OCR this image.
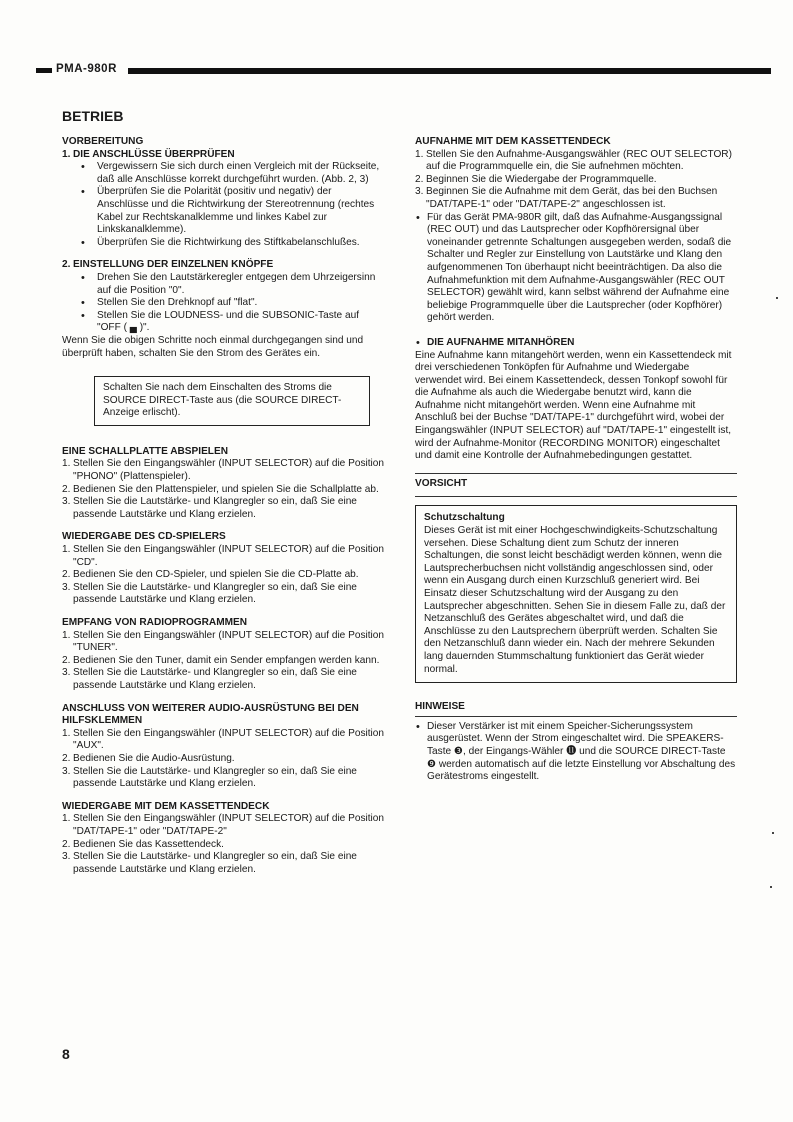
PMA-980R
BETRIEB
VORBEREITUNG
1. DIE ANSCHLÜSSE ÜBERPRÜFEN
• Vergewissern Sie sich durch einen Vergleich mit der Rückseite, daß alle Anschlüsse korrekt durchgeführt wurden. (Abb. 2, 3)
• Überprüfen Sie die Polarität (positiv und negativ) der Anschlüsse und die Richtwirkung der Stereotrennung (rechtes Kabel zur Rechtskanalklemme und linkes Kabel zur Linkskanalklemme).
• Überprüfen Sie die Richtwirkung des Stiftkabelanschlußes.
2. EINSTELLUNG DER EINZELNEN KNÖPFE
• Drehen Sie den Lautstärkeregler entgegen dem Uhrzeigersinn auf die Position "0".
• Stellen Sie den Drehknopf auf "flat".
• Stellen Sie die LOUDNESS- und die SUBSONIC-Taste auf "OFF ( ▄ )".

Wenn Sie die obigen Schritte noch einmal durchgegangen sind und überprüft haben, schalten Sie den Strom des Gerätes ein.

Schalten Sie nach dem Einschalten des Stroms die SOURCE DIRECT-Taste aus (die SOURCE DIRECT-Anzeige erlischt).
EINE SCHALLPLATTE ABSPIELEN
1. Stellen Sie den Eingangswähler (INPUT SELECTOR) auf die Position "PHONO" (Plattenspieler).
2. Bedienen Sie den Plattenspieler, und spielen Sie die Schallplatte ab.
3. Stellen Sie die Lautstärke- und Klangregler so ein, daß Sie eine passende Lautstärke und Klang erzielen.
WIEDERGABE DES CD-SPIELERS
1. Stellen Sie den Eingangswähler (INPUT SELECTOR) auf die Position "CD".
2. Bedienen Sie den CD-Spieler, und spielen Sie die CD-Platte ab.
3. Stellen Sie die Lautstärke- und Klangregler so ein, daß Sie eine passende Lautstärke und Klang erzielen.
EMPFANG VON RADIOPROGRAMMEN
1. Stellen Sie den Eingangswähler (INPUT SELECTOR) auf die Position "TUNER".
2. Bedienen Sie den Tuner, damit ein Sender empfangen werden kann.
3. Stellen Sie die Lautstärke- und Klangregler so ein, daß Sie eine passende Lautstärke und Klang erzielen.
ANSCHLUSS VON WEITERER AUDIO-AUSRÜSTUNG BEI DEN HILFSKLEMMEN
1. Stellen Sie den Eingangswähler (INPUT SELECTOR) auf die Position "AUX".
2. Bedienen Sie die Audio-Ausrüstung.
3. Stellen Sie die Lautstärke- und Klangregler so ein, daß Sie eine passende Lautstärke und Klang erzielen.
WIEDERGABE MIT DEM KASSETTENDECK
1. Stellen Sie den Eingangswähler (INPUT SELECTOR) auf die Position "DAT/TAPE-1" oder "DAT/TAPE-2"
2. Bedienen Sie das Kassettendeck.
3. Stellen Sie die Lautstärke- und Klangregler so ein, daß Sie eine passende Lautstärke und Klang erzielen.
AUFNAHME MIT DEM KASSETTENDECK
1. Stellen Sie den Aufnahme-Ausgangswähler (REC OUT SELECTOR) auf die Programmquelle ein, die Sie aufnehmen möchten.
2. Beginnen Sie die Wiedergabe der Programmquelle.
3. Beginnen Sie die Aufnahme mit dem Gerät, das bei den Buchsen "DAT/TAPE-1" oder "DAT/TAPE-2" angeschlossen ist.
• Für das Gerät PMA-980R gilt, daß das Aufnahme-Ausgangssignal (REC OUT) und das Lautsprecher oder Kopfhörersignal über voneinander getrennte Schaltungen ausgegeben werden, sodaß die Schalter und Regler zur Einstellung von Lautstärke und Klang den aufgenommenen Ton überhaupt nicht beeinträchtigen. Da also die Aufnahmefunktion mit dem Aufnahme-Ausgangswähler (REC OUT SELECTOR) gewählt wird, kann selbst während der Aufnahme eine beliebige Programmquelle über die Lautsprecher (oder Kopfhörer) gehört werden.
• DIE AUFNAHME MITANHÖREN

Eine Aufnahme kann mitangehört werden, wenn ein Kassettendeck mit drei verschiedenen Tonköpfen für Aufnahme und Wiedergabe verwendet wird. Bei einem Kassettendeck, dessen Tonkopf sowohl für die Aufnahme als auch die Wiedergabe benutzt wird, kann die Aufnahme nicht mitangehört werden. Wenn eine Aufnahme mit Anschluß bei der Buchse "DAT/TAPE-1" durchgeführt wird, wobei der Eingangswähler (INPUT SELECTOR) auf "DAT/TAPE-1" eingestellt ist, wird der Aufnahme-Monitor (RECORDING MONITOR) eingeschaltet und damit eine Kontrolle der Aufnahmebedingungen gestattet.

VORSICHT
Schutzschaltung

Dieses Gerät ist mit einer Hochgeschwindigkeits-Schutzschaltung versehen. Diese Schaltung dient zum Schutz der inneren Schaltungen, die sonst leicht beschädigt werden können, wenn die Lautsprecherbuchsen nicht vollständig angeschlossen sind, oder wenn ein Ausgang durch einen Kurzschluß generiert wird. Bei Einsatz dieser Schutzschaltung wird der Ausgang zu den Lautsprecher abgeschnitten. Sehen Sie in diesem Falle zu, daß der Netzanschluß des Gerätes abgeschaltet wird, und daß die Anschlüsse zu den Lautsprechern überprüft werden. Schalten Sie den Netzanschluß dann wieder ein. Nach der mehrere Sekunden lang dauernden Stummschaltung funktioniert das Gerät wieder normal.

HINWEISE
• Dieser Verstärker ist mit einem Speicher-Sicherungssystem ausgerüstet. Wenn der Strom eingeschaltet wird. Die SPEAKERS-Taste ❸, der Eingangs-Wähler ⓫ und die SOURCE DIRECT-Taste ❾ werden automatisch auf die letzte Einstellung vor Abschaltung des Gerätestroms eingestellt.
8
